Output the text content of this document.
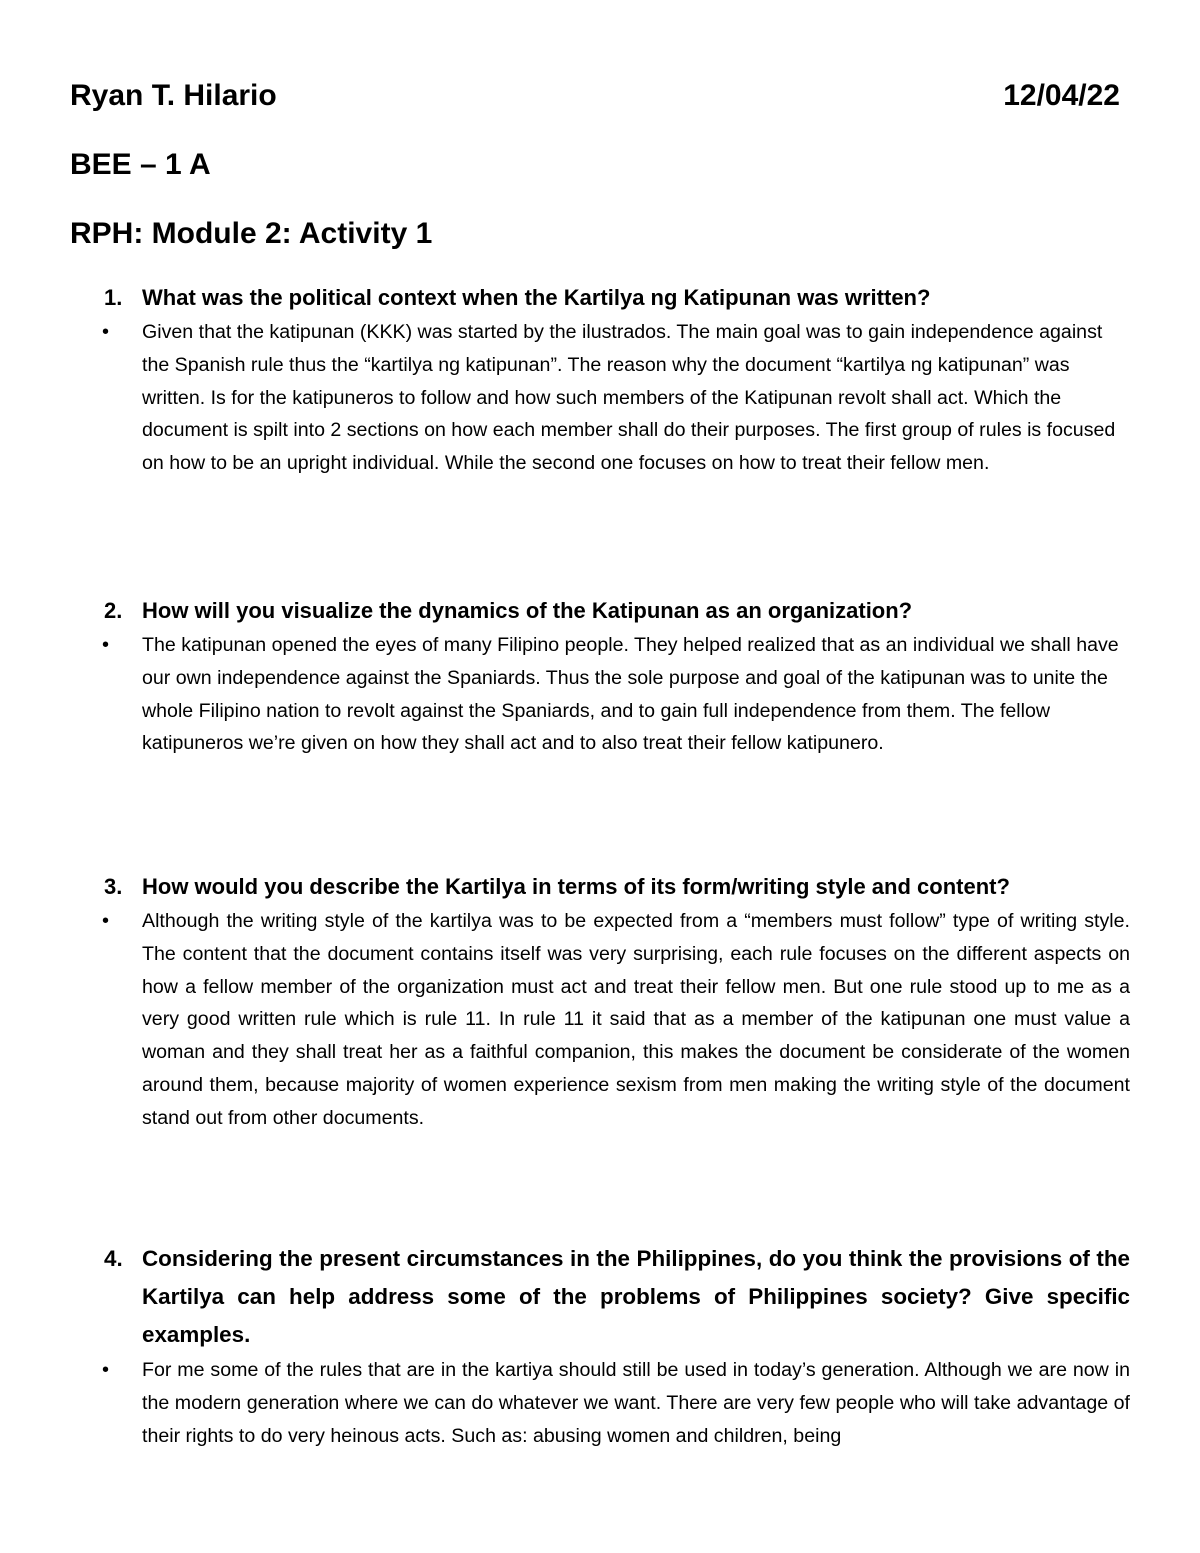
Ryan T. Hilario	12/04/22
BEE – 1 A
RPH: Module 2: Activity 1
1. What was the political context when the Kartilya ng Katipunan was written?
• Given that the katipunan (KKK) was started by the ilustrados. The main goal was to gain independence against the Spanish rule thus the “kartilya ng katipunan”. The reason why the document “kartilya ng katipunan” was written. Is for the katipuneros to follow and how such members of the Katipunan revolt shall act. Which the document is spilt into 2 sections on how each member shall do their purposes. The first group of rules is focused on how to be an upright individual. While the second one focuses on how to treat their fellow men.
2. How will you visualize the dynamics of the Katipunan as an organization?
• The katipunan opened the eyes of many Filipino people. They helped realized that as an individual we shall have our own independence against the Spaniards. Thus the sole purpose and goal of the katipunan was to unite the whole Filipino nation to revolt against the Spaniards, and to gain full independence from them. The fellow katipuneros we’re given on how they shall act and to also treat their fellow katipunero.
3. How would you describe the Kartilya in terms of its form/writing style and content?
• Although the writing style of the kartilya was to be expected from a “members must follow” type of writing style. The content that the document contains itself was very surprising, each rule focuses on the different aspects on how a fellow member of the organization must act and treat their fellow men. But one rule stood up to me as a very good written rule which is rule 11. In rule 11 it said that as a member of the katipunan one must value a woman and they shall treat her as a faithful companion, this makes the document be considerate of the women around them, because majority of women experience sexism from men making the writing style of the document stand out from other documents.
4. Considering the present circumstances in the Philippines, do you think the provisions of the Kartilya can help address some of the problems of Philippines society? Give specific examples.
• For me some of the rules that are in the kartiya should still be used in today’s generation. Although we are now in the modern generation where we can do whatever we want. There are very few people who will take advantage of their rights to do very heinous acts. Such as: abusing women and children, being
